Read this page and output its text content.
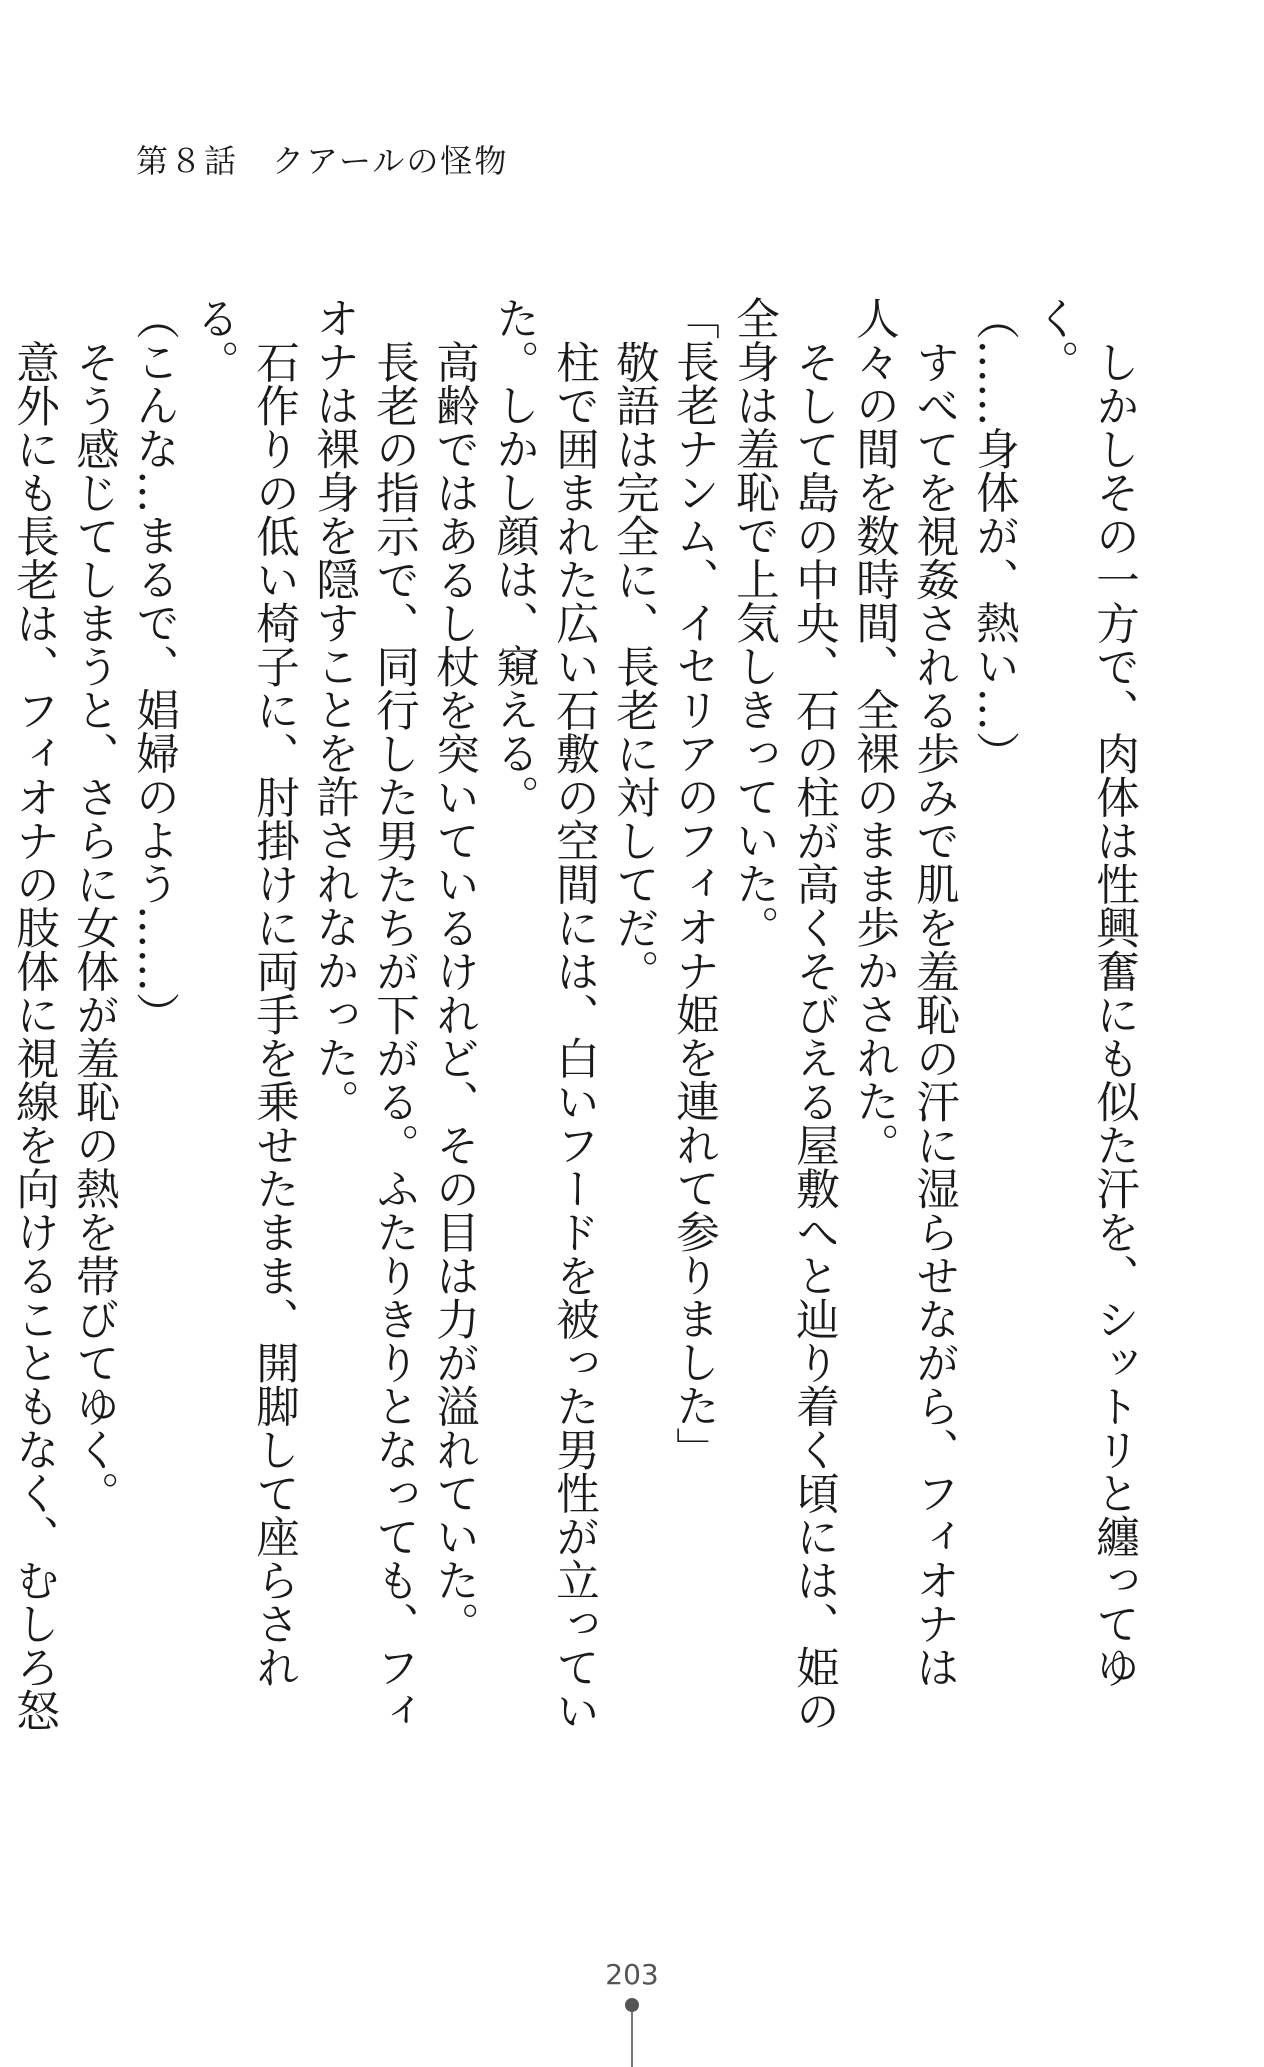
第８話　クアールの怪物

しかしその一方で、肉体は性興奮にも似た汗を、シットリと纏ってゆく。

（……身体が、熱い…）

すべてを視姦される歩みで肌を羞恥の汗に湿らせながら、フィオナは人々の間を数時間、全裸のまま歩かされた。

そして島の中央、石の柱が高くそびえる屋敷へと辿り着く頃には、姫の全身は羞恥で上気しきっていた。

「長老ナンム、イセリアのフィオナ姫を連れて参りました」

敬語は完全に、長老に対してだ。

柱で囲まれた広い石敷の空間には、白いフードを被った男性が立っていた。しかし顔は、窺える。

高齢ではあるし杖を突いているけれど、その目は力が溢れていた。

長老の指示で、同行した男たちが下がる。ふたりきりとなっても、フィオナは裸身を隠すことを許されなかった。

石作りの低い椅子に、肘掛けに両手を乗せたまま、開脚して座らされる。

（こんな…まるで、娼婦のよう……）

そう感じてしまうと、さらに女体が羞恥の熱を帯びてゆく。

意外にも長老は、フィオナの肢体に視線を向けることもなく、むしろ怒

203
